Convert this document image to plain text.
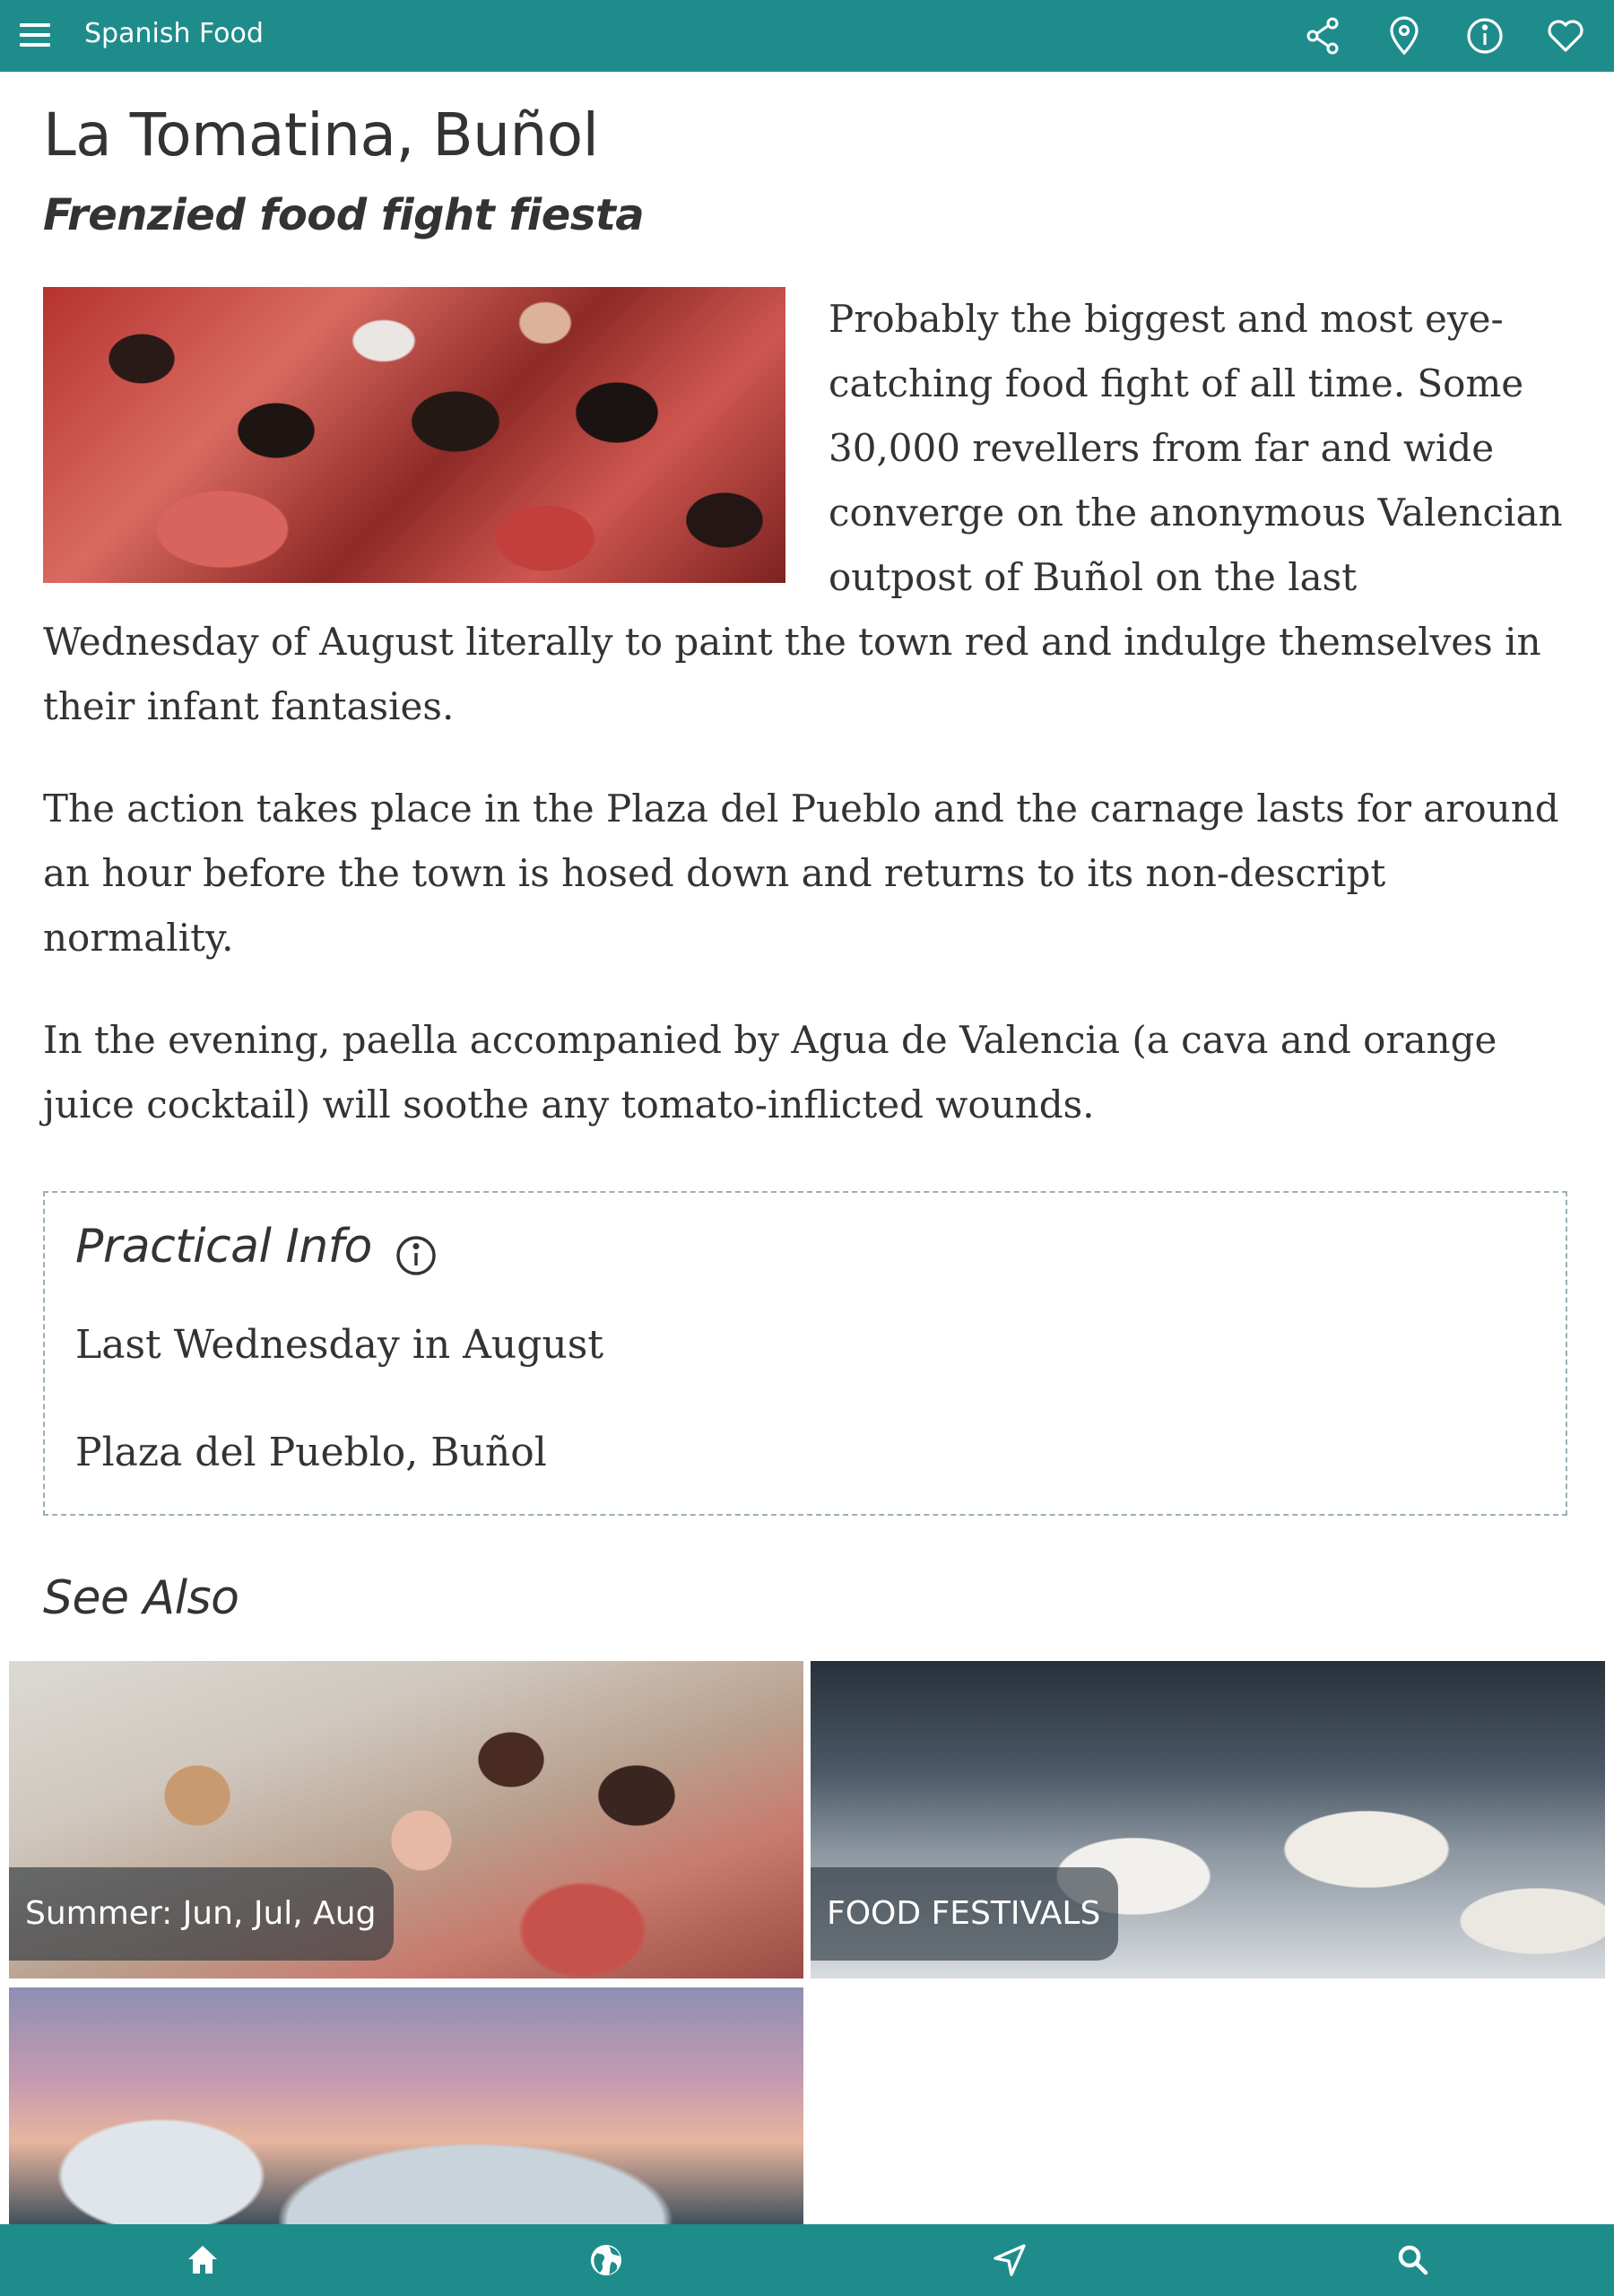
Spanish Food
La Tomatina, Buñol
Frenzied food fight fiesta

Probably the biggest and most eye-catching food fight of all time. Some 30,000 revellers from far and wide converge on the anonymous Valencian outpost of Buñol on the last Wednesday of August literally to paint the town red and indulge themselves in their infant fantasies.

The action takes place in the Plaza del Pueblo and the carnage lasts for around an hour before the town is hosed down and returns to its non-descript normality.

In the evening, paella accompanied by Agua de Valencia (a cava and orange juice cocktail) will soothe any tomato-inflicted wounds.

Practical Info
Last Wednesday in August
Plaza del Pueblo, Buñol
See Also
Summer: Jun, Jul, Aug	FOOD FESTIVALS
